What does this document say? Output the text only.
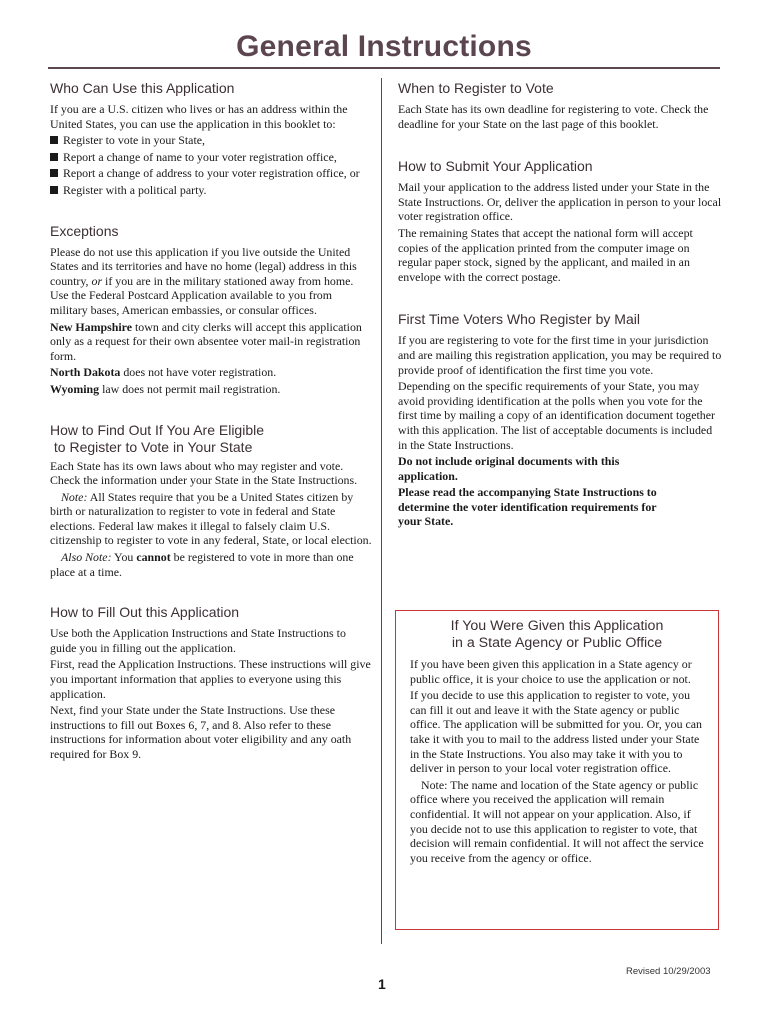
General Instructions
Who Can Use this Application

If you are a U.S. citizen who lives or has an address within the United States, you can use the application in this booklet to:

Register to vote in your State,
Report a change of name to your voter registration office,
Report a change of address to your voter registration office, or
Register with a political party.
Exceptions

Please do not use this application if you live outside the United States and its territories and have no home (legal) address in this country, or if you are in the military stationed away from home. Use the Federal Postcard Application available to you from military bases, American embassies, or consular offices.

New Hampshire town and city clerks will accept this application only as a request for their own absentee voter mail-in registration form.

North Dakota does not have voter registration.

Wyoming law does not permit mail registration.

How to Find Out If You Are Eligible
to Register to Vote in Your State

Each State has its own laws about who may register and vote. Check the information under your State in the State Instructions.

Note: All States require that you be a United States citizen by birth or naturalization to register to vote in federal and State elections. Federal law makes it illegal to falsely claim U.S. citizenship to register to vote in any federal, State, or local election.

Also Note: You cannot be registered to vote in more than one place at a time.

How to Fill Out this Application

Use both the Application Instructions and State Instructions to guide you in filling out the application.

First, read the Application Instructions. These instructions will give you important information that applies to everyone using this application.

Next, find your State under the State Instructions. Use these instructions to fill out Boxes 6, 7, and 8. Also refer to these instructions for information about voter eligibility and any oath required for Box 9.

When to Register to Vote

Each State has its own deadline for registering to vote. Check the deadline for your State on the last page of this booklet.

How to Submit Your Application

Mail your application to the address listed under your State in the State Instructions. Or, deliver the application in person to your local voter registration office.

The remaining States that accept the national form will accept copies of the application printed from the computer image on regular paper stock, signed by the applicant, and mailed in an envelope with the correct postage.

First Time Voters Who Register by Mail

If you are registering to vote for the first time in your jurisdiction and are mailing this registration application, you may be required to provide proof of identification the first time you vote.

Depending on the specific requirements of your State, you may avoid providing identification at the polls when you vote for the first time by mailing a copy of an identification document together with this application. The list of acceptable documents is included in the State Instructions.

Do not include original documents with this application.

Please read the accompanying State Instructions to determine the voter identification requirements for your State.

If You Were Given this Application
in a State Agency or Public Office

If you have been given this application in a State agency or public office, it is your choice to use the application or not.

If you decide to use this application to register to vote, you can fill it out and leave it with the State agency or public office. The application will be submitted for you. Or, you can take it with you to mail to the address listed under your State in the State Instructions. You also may take it with you to deliver in person to your local voter registration office.

Note: The name and location of the State agency or public office where you received the application will remain confidential. It will not appear on your application. Also, if you decide not to use this application to register to vote, that decision will remain confidential. It will not affect the service you receive from the agency or office.

Revised 10/29/2003
1
